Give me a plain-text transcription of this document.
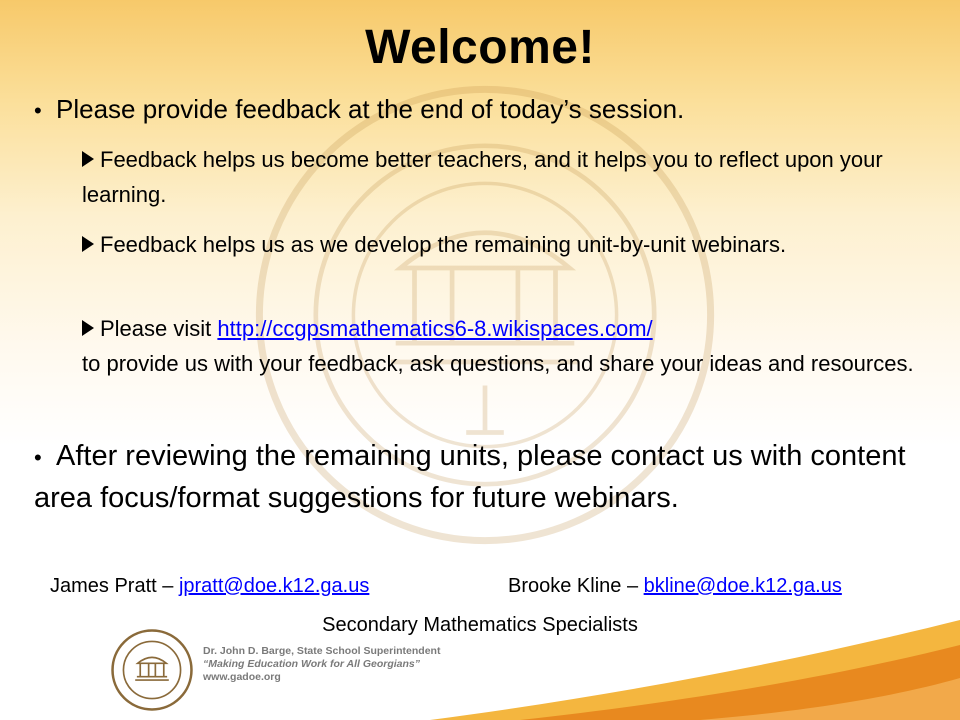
Welcome!
• Please provide feedback at the end of today’s session.
Feedback helps us become better teachers, and it helps you to reflect upon your learning.
Feedback helps us as we develop the remaining unit-by-unit webinars.
Please visit http://ccgpsmathematics6-8.wikispaces.com/
to provide us with your feedback, ask questions, and share your ideas and resources.
• After reviewing the remaining units, please contact us with content area focus/format suggestions for future webinars.
James Pratt – jpratt@doe.k12.ga.us	Brooke Kline – bkline@doe.k12.ga.us
Secondary Mathematics Specialists
Dr. John D. Barge, State School Superintendent
“Making Education Work for All Georgians”
www.gadoe.org
